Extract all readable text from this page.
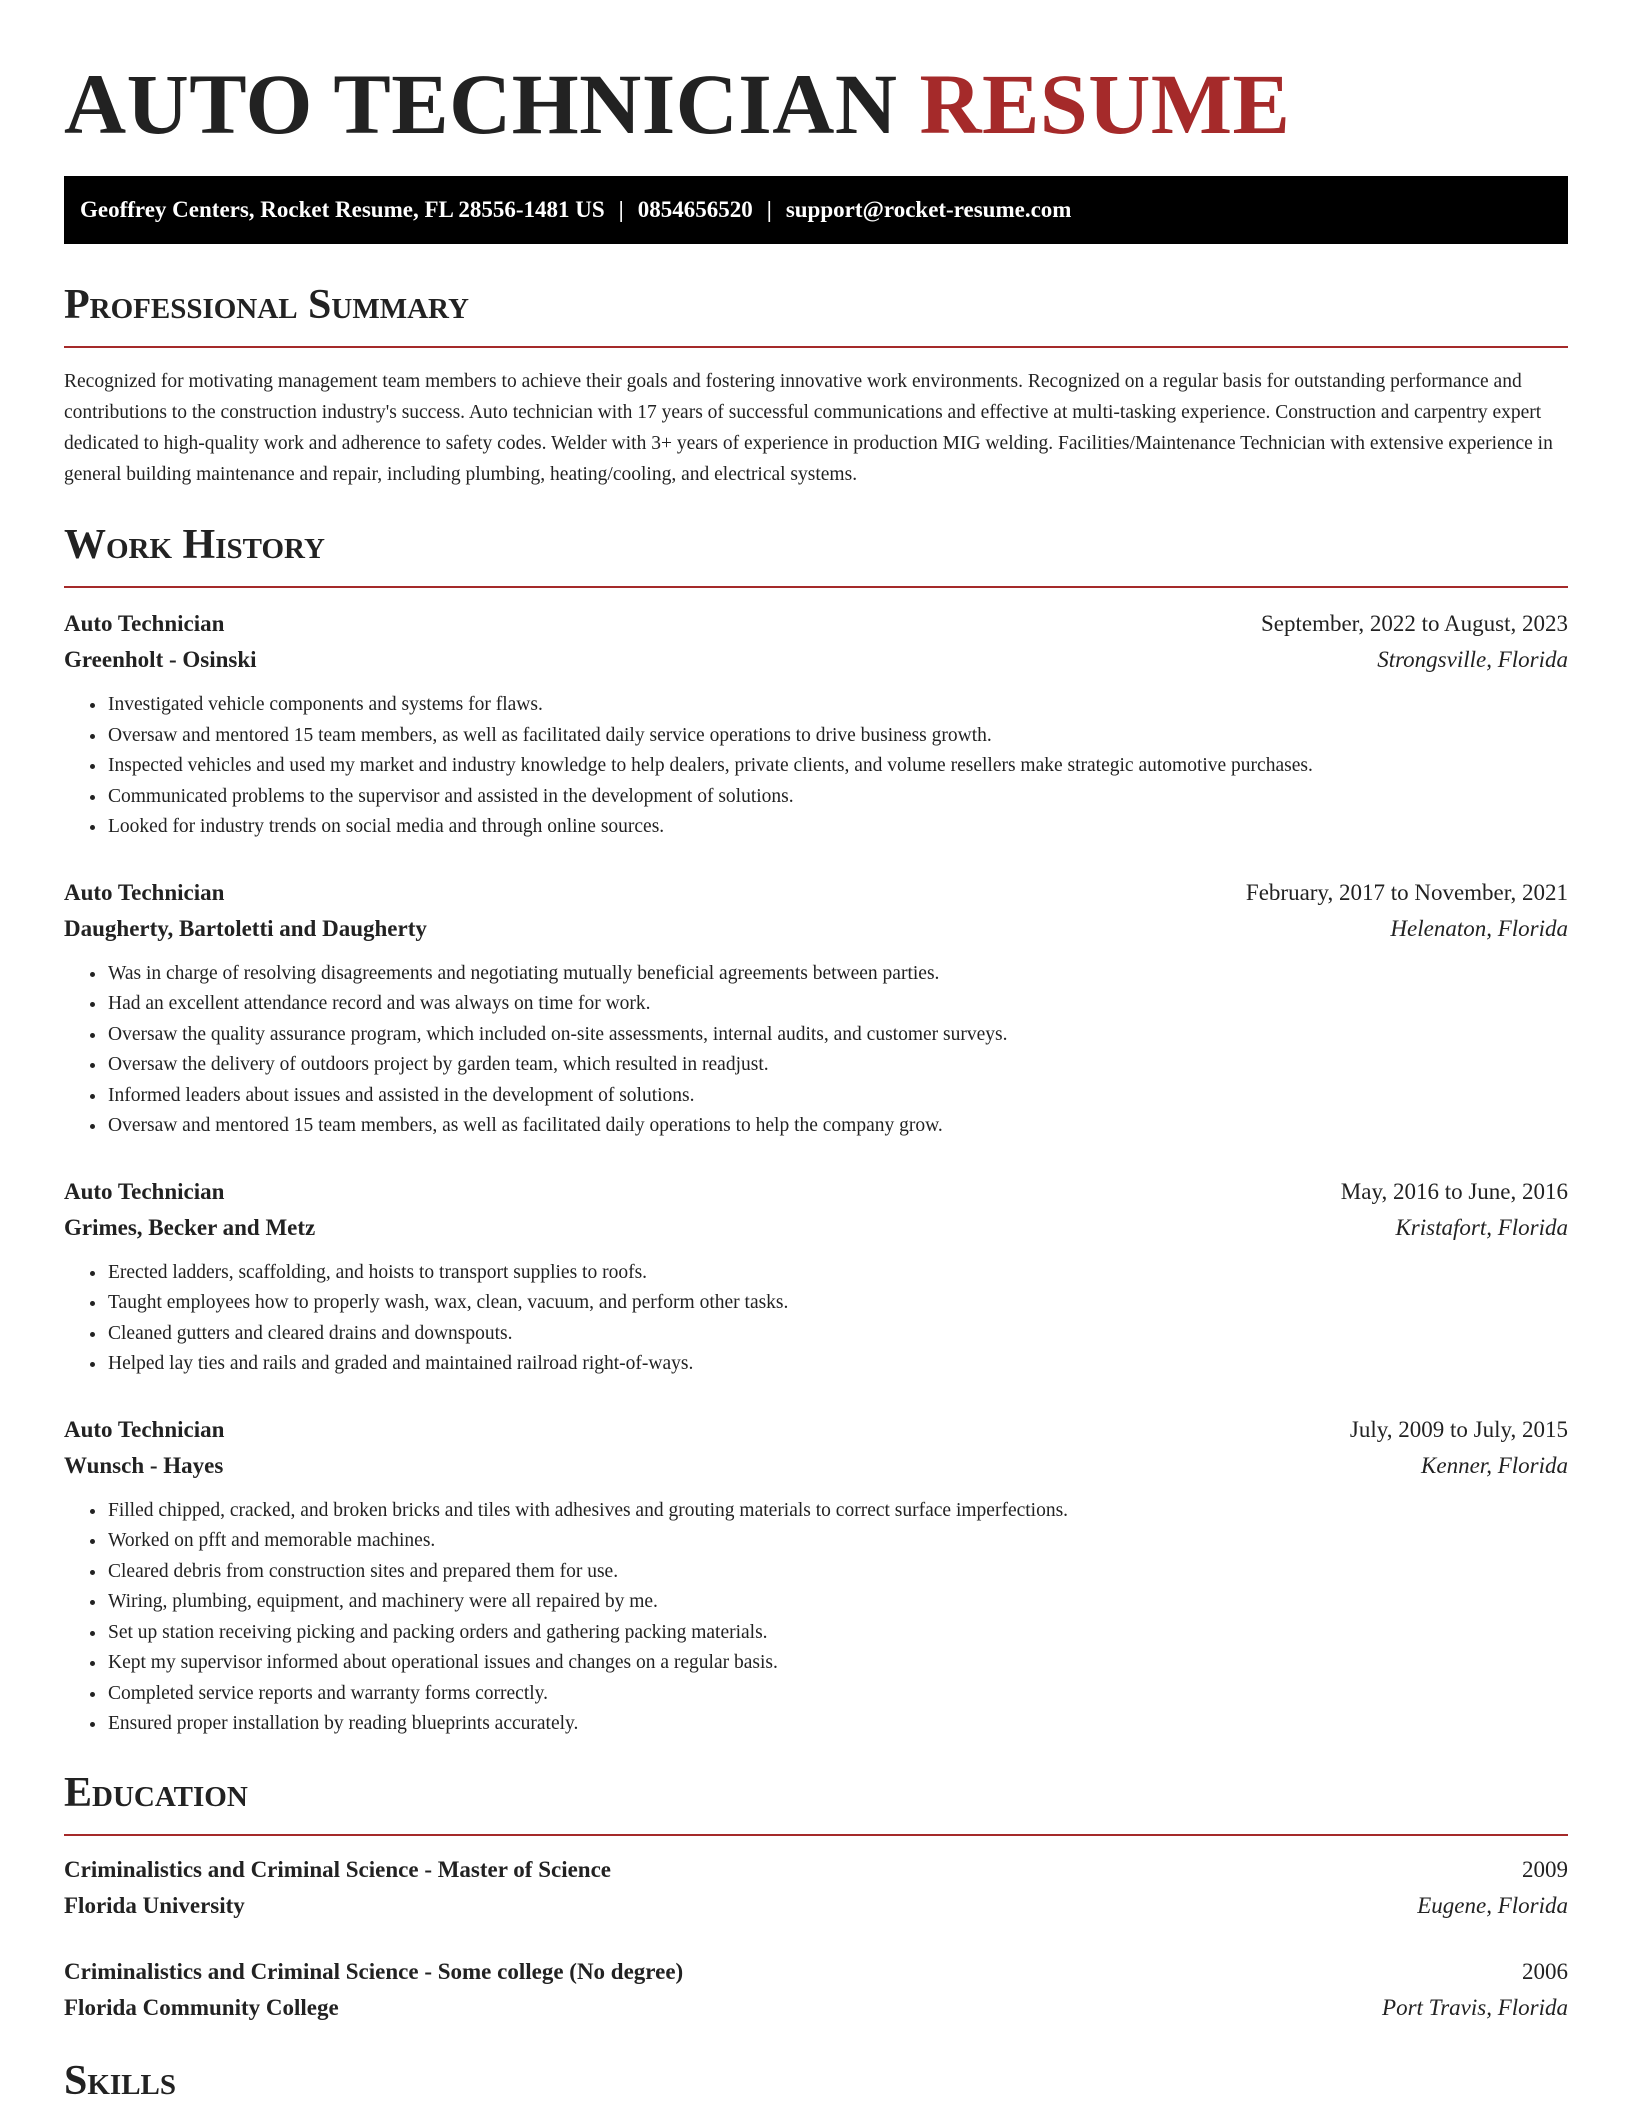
AUTO TECHNICIAN RESUME
Geoffrey Centers, Rocket Resume, FL 28556-1481 US | 0854656520 | support@rocket-resume.com
Professional Summary

Recognized for motivating management team members to achieve their goals and fostering innovative work environments. Recognized on a regular basis for outstanding performance and contributions to the construction industry's success. Auto technician with 17 years of successful communications and effective at multi-tasking experience. Construction and carpentry expert dedicated to high-quality work and adherence to safety codes. Welder with 3+ years of experience in production MIG welding. Facilities/Maintenance Technician with extensive experience in general building maintenance and repair, including plumbing, heating/cooling, and electrical systems.

Work History
Auto Technician	September, 2022 to August, 2023
Greenholt - Osinski	Strongsville, Florida
• Investigated vehicle components and systems for flaws.
• Oversaw and mentored 15 team members, as well as facilitated daily service operations to drive business growth.
• Inspected vehicles and used my market and industry knowledge to help dealers, private clients, and volume resellers make strategic automotive purchases.
• Communicated problems to the supervisor and assisted in the development of solutions.
• Looked for industry trends on social media and through online sources.
Auto Technician	February, 2017 to November, 2021
Daugherty, Bartoletti and Daugherty	Helenaton, Florida
• Was in charge of resolving disagreements and negotiating mutually beneficial agreements between parties.
• Had an excellent attendance record and was always on time for work.
• Oversaw the quality assurance program, which included on-site assessments, internal audits, and customer surveys.
• Oversaw the delivery of outdoors project by garden team, which resulted in readjust.
• Informed leaders about issues and assisted in the development of solutions.
• Oversaw and mentored 15 team members, as well as facilitated daily operations to help the company grow.
Auto Technician	May, 2016 to June, 2016
Grimes, Becker and Metz	Kristafort, Florida
• Erected ladders, scaffolding, and hoists to transport supplies to roofs.
• Taught employees how to properly wash, wax, clean, vacuum, and perform other tasks.
• Cleaned gutters and cleared drains and downspouts.
• Helped lay ties and rails and graded and maintained railroad right-of-ways.
Auto Technician	July, 2009 to July, 2015
Wunsch - Hayes	Kenner, Florida
• Filled chipped, cracked, and broken bricks and tiles with adhesives and grouting materials to correct surface imperfections.
• Worked on pfft and memorable machines.
• Cleared debris from construction sites and prepared them for use.
• Wiring, plumbing, equipment, and machinery were all repaired by me.
• Set up station receiving picking and packing orders and gathering packing materials.
• Kept my supervisor informed about operational issues and changes on a regular basis.
• Completed service reports and warranty forms correctly.
• Ensured proper installation by reading blueprints accurately.
Education
Criminalistics and Criminal Science - Master of Science	2009
Florida University	Eugene, Florida
Criminalistics and Criminal Science - Some college (No degree)	2006
Florida Community College	Port Travis, Florida
Skills
